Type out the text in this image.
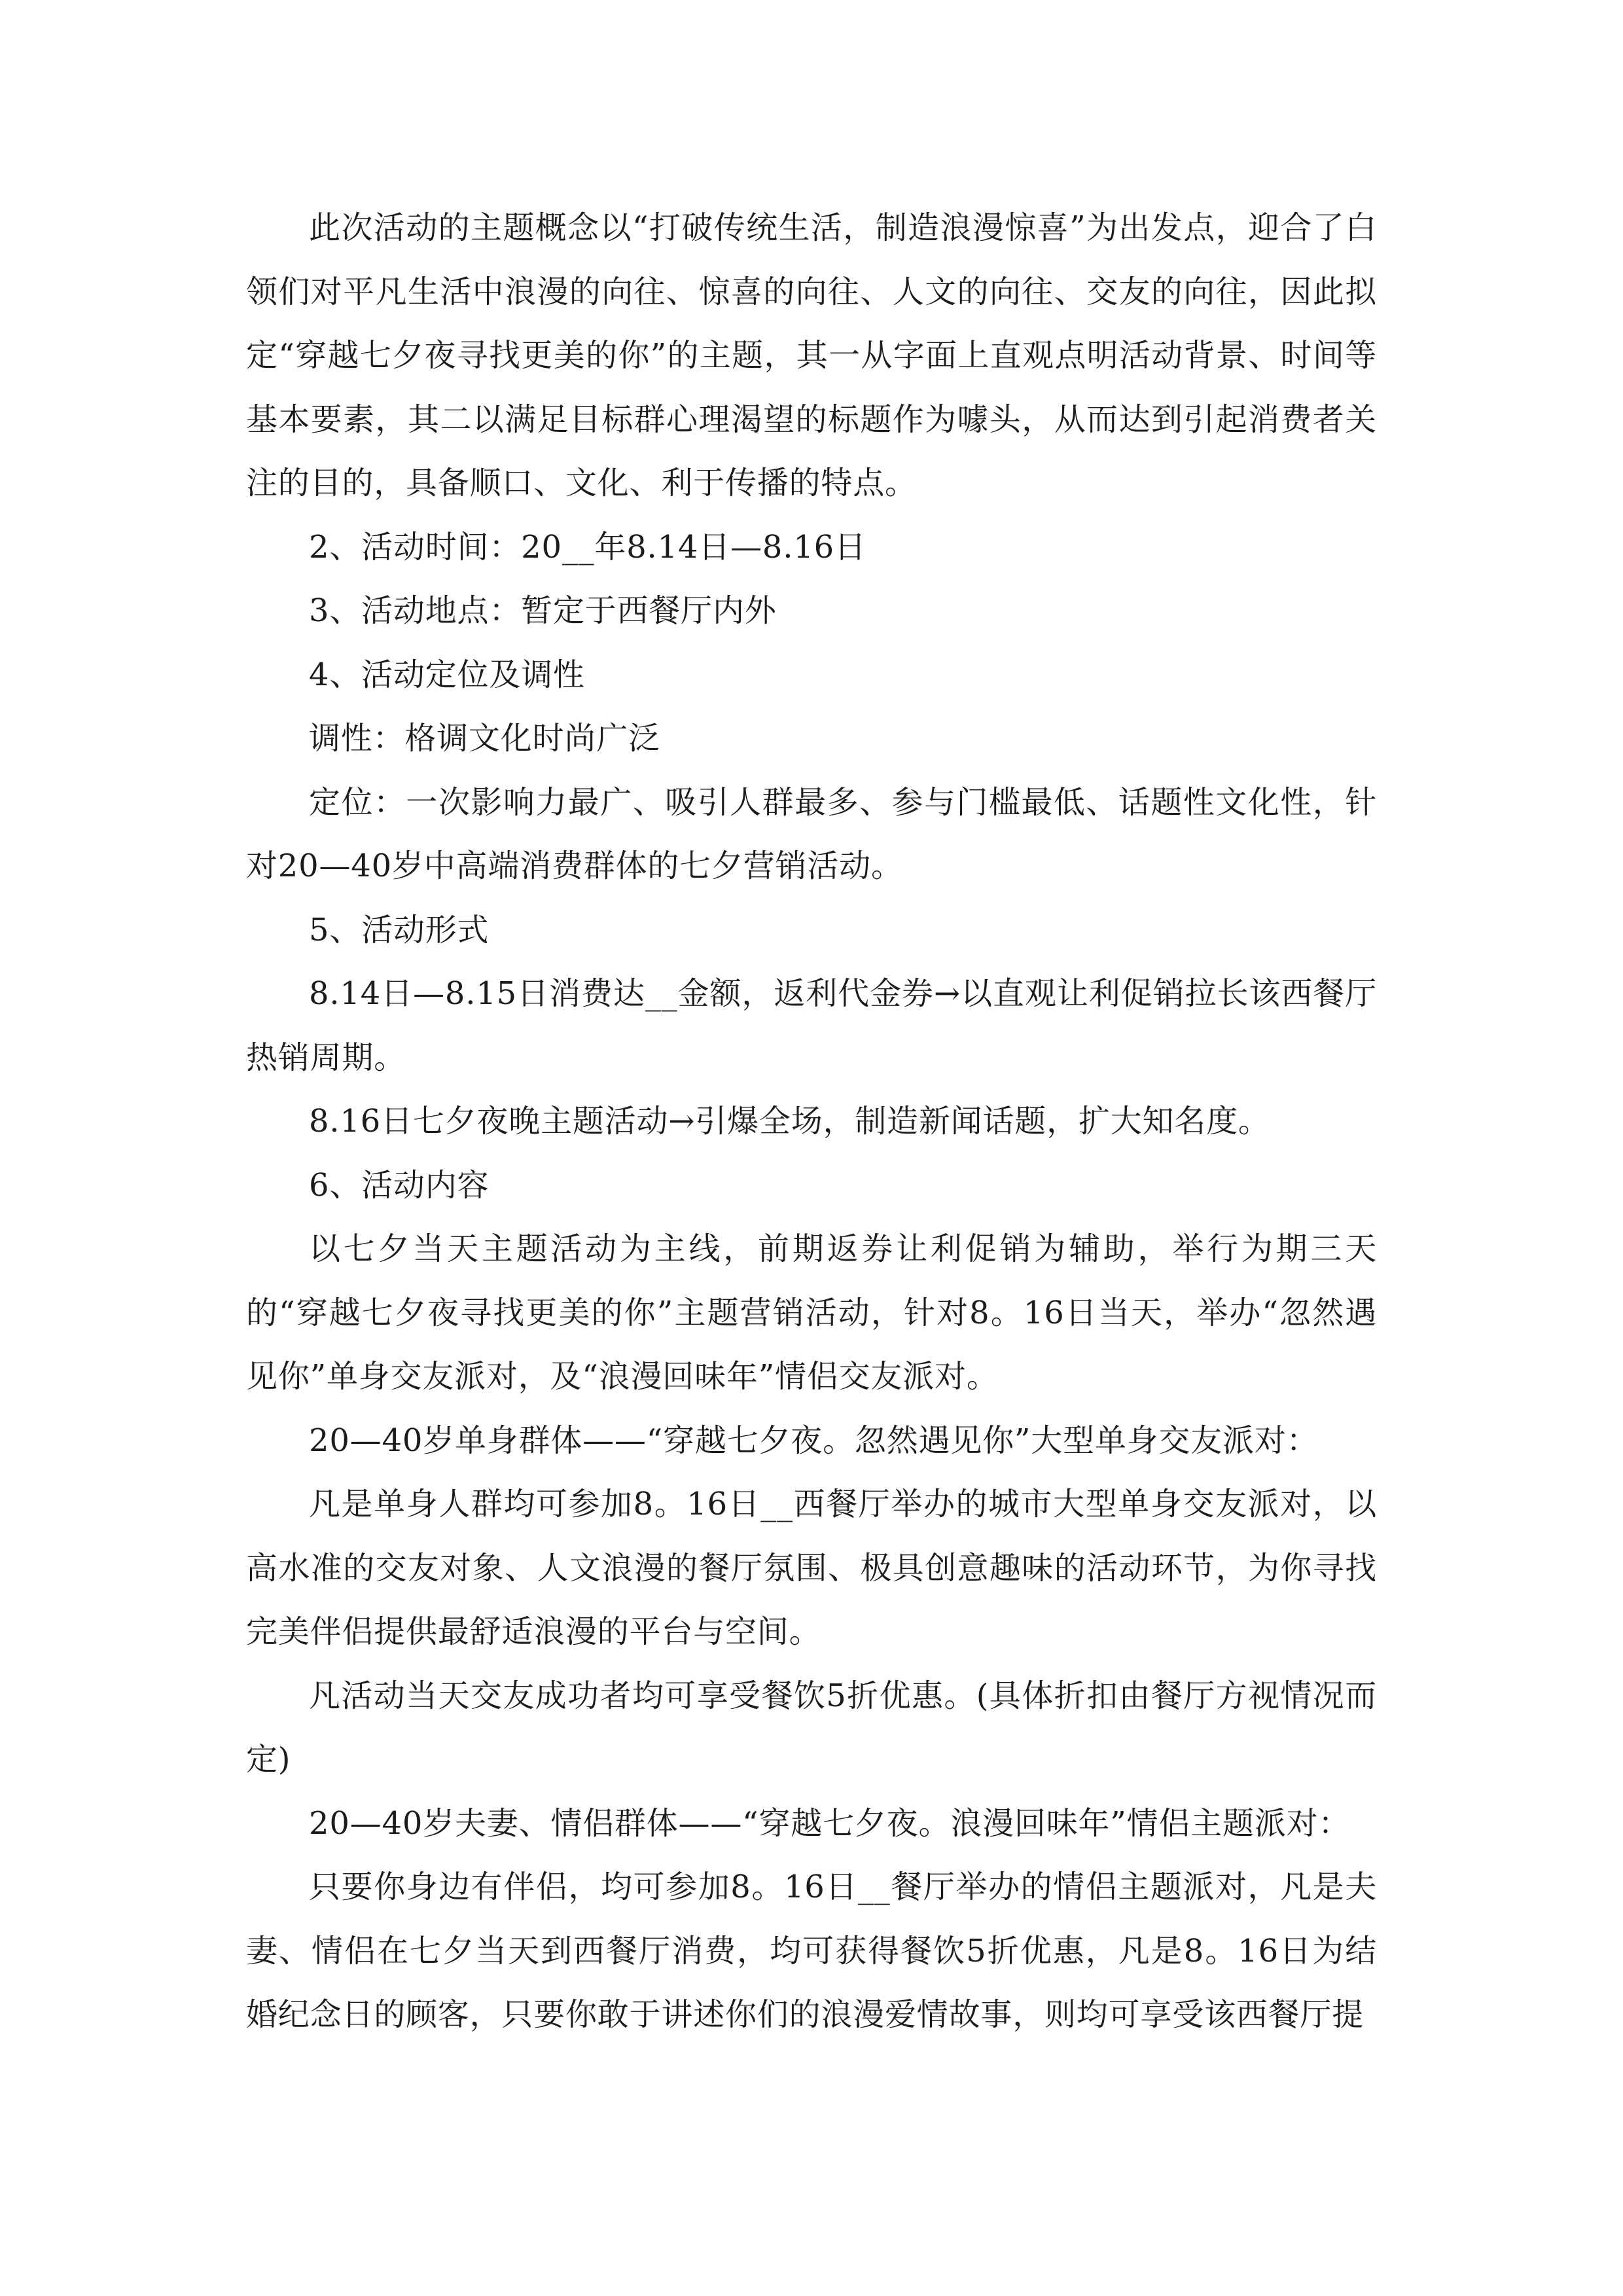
此次活动的主题概念以“打破传统生活，制造浪漫惊喜”为出发点，迎合了白领们对平凡生活中浪漫的向往、惊喜的向往、人文的向往、交友的向往，因此拟定“穿越七夕夜寻找更美的你”的主题，其一从字面上直观点明活动背景、时间等基本要素，其二以满足目标群心理渴望的标题作为噱头，从而达到引起消费者关注的目的，具备顺口、文化、利于传播的特点。

2、活动时间：20__年8.14日—8.16日

3、活动地点：暂定于西餐厅内外

4、活动定位及调性

调性：格调文化时尚广泛

定位：一次影响力最广、吸引人群最多、参与门槛最低、话题性文化性，针对20—40岁中高端消费群体的七夕营销活动。

5、活动形式

8.14日—8.15日消费达__金额，返利代金券→以直观让利促销拉长该西餐厅热销周期。

8.16日七夕夜晚主题活动→引爆全场，制造新闻话题，扩大知名度。

6、活动内容

以七夕当天主题活动为主线，前期返券让利促销为辅助，举行为期三天的“穿越七夕夜寻找更美的你”主题营销活动，针对8。16日当天，举办“忽然遇见你”单身交友派对，及“浪漫回味年”情侣交友派对。

20—40岁单身群体——“穿越七夕夜。忽然遇见你”大型单身交友派对：

凡是单身人群均可参加8。16日__西餐厅举办的城市大型单身交友派对，以高水准的交友对象、人文浪漫的餐厅氛围、极具创意趣味的活动环节，为你寻找完美伴侣提供最舒适浪漫的平台与空间。

凡活动当天交友成功者均可享受餐饮5折优惠。(具体折扣由餐厅方视情况而定)

20—40岁夫妻、情侣群体——“穿越七夕夜。浪漫回味年”情侣主题派对：

只要你身边有伴侣，均可参加8。16日__餐厅举办的情侣主题派对，凡是夫妻、情侣在七夕当天到西餐厅消费，均可获得餐饮5折优惠，凡是8。16日为结婚纪念日的顾客，只要你敢于讲述你们的浪漫爱情故事，则均可享受该西餐厅提
